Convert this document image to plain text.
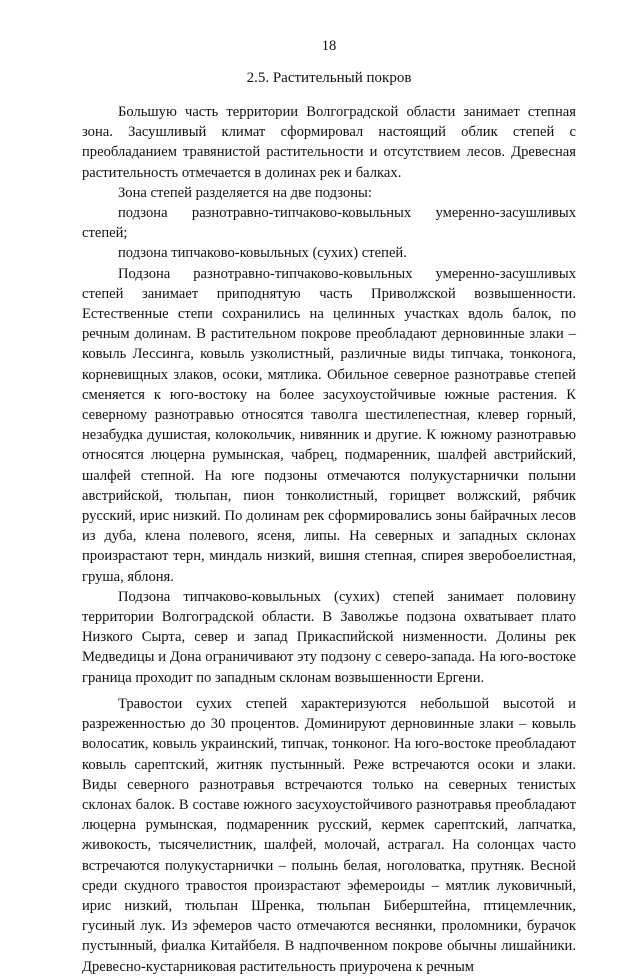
18
2.5. Растительный покров

Большую часть территории Волгоградской области занимает степная зона. Засушливый климат сформировал настоящий облик степей с преобладанием травянистой растительности и отсутствием лесов. Древесная растительность отмечается в долинах рек и балках.

Зона степей разделяется на две подзоны:

подзона разнотравно-типчаково-ковыльных умеренно-засушливых степей;

подзона типчаково-ковыльных (сухих) степей.

Подзона разнотравно-типчаково-ковыльных умеренно-засушливых степей занимает приподнятую часть Приволжской возвышенности. Естественные степи сохранились на целинных участках вдоль балок, по речным долинам. В растительном покрове преобладают дерновинные злаки – ковыль Лессинга, ковыль узколистный, различные виды типчака, тонконога, корневищных злаков, осоки, мятлика. Обильное северное разнотравье степей сменяется к юго-востоку на более засухоустойчивые южные растения. К северному разнотравью относятся таволга шестилепестная, клевер горный, незабудка душистая, колокольчик, нивянник и другие. К южному разнотравью относятся люцерна румынская, чабрец, подмаренник, шалфей австрийский, шалфей степной. На юге подзоны отмечаются полукустарнички полыни австрийской, тюльпан, пион тонколистный, горицвет волжский, рябчик русский, ирис низкий. По долинам рек сформировались зоны байрачных лесов из дуба, клена полевого, ясеня, липы. На северных и западных склонах произрастают терн, миндаль низкий, вишня степная, спирея зверобоелистная, груша, яблоня.

Подзона типчаково-ковыльных (сухих) степей занимает половину территории Волгоградской области. В Заволжье подзона охватывает плато Низкого Сырта, север и запад Прикаспийской низменности. Долины рек Медведицы и Дона ограничивают эту подзону с северо-запада. На юго-востоке граница проходит по западным склонам возвышенности Ергени.

Травостои сухих степей характеризуются небольшой высотой и разреженностью до 30 процентов. Доминируют дерновинные злаки – ковыль волосатик, ковыль украинский, типчак, тонконог. На юго-востоке преобладают ковыль сарептский, житняк пустынный. Реже встречаются осоки и злаки. Виды северного разнотравья встречаются только на северных тенистых склонах балок. В составе южного засухоустойчивого разнотравья преобладают люцерна румынская, подмаренник русский, кермек сарептский, лапчатка, живокость, тысячелистник, шалфей, молочай, астрагал. На солонцах часто встречаются полукустарнички – полынь белая, ноголоватка, прутняк. Весной среди скудного травостоя произрастают эфемероиды – мятлик луковичный, ирис низкий, тюльпан Шренка, тюльпан Биберштейна, птицемлечник, гусиный лук. Из эфемеров часто отмечаются веснянки, проломники, бурачок пустынный, фиалка Китайбеля. В надпочвенном покрове обычны лишайники. Древесно-кустарниковая растительность приурочена к речным
